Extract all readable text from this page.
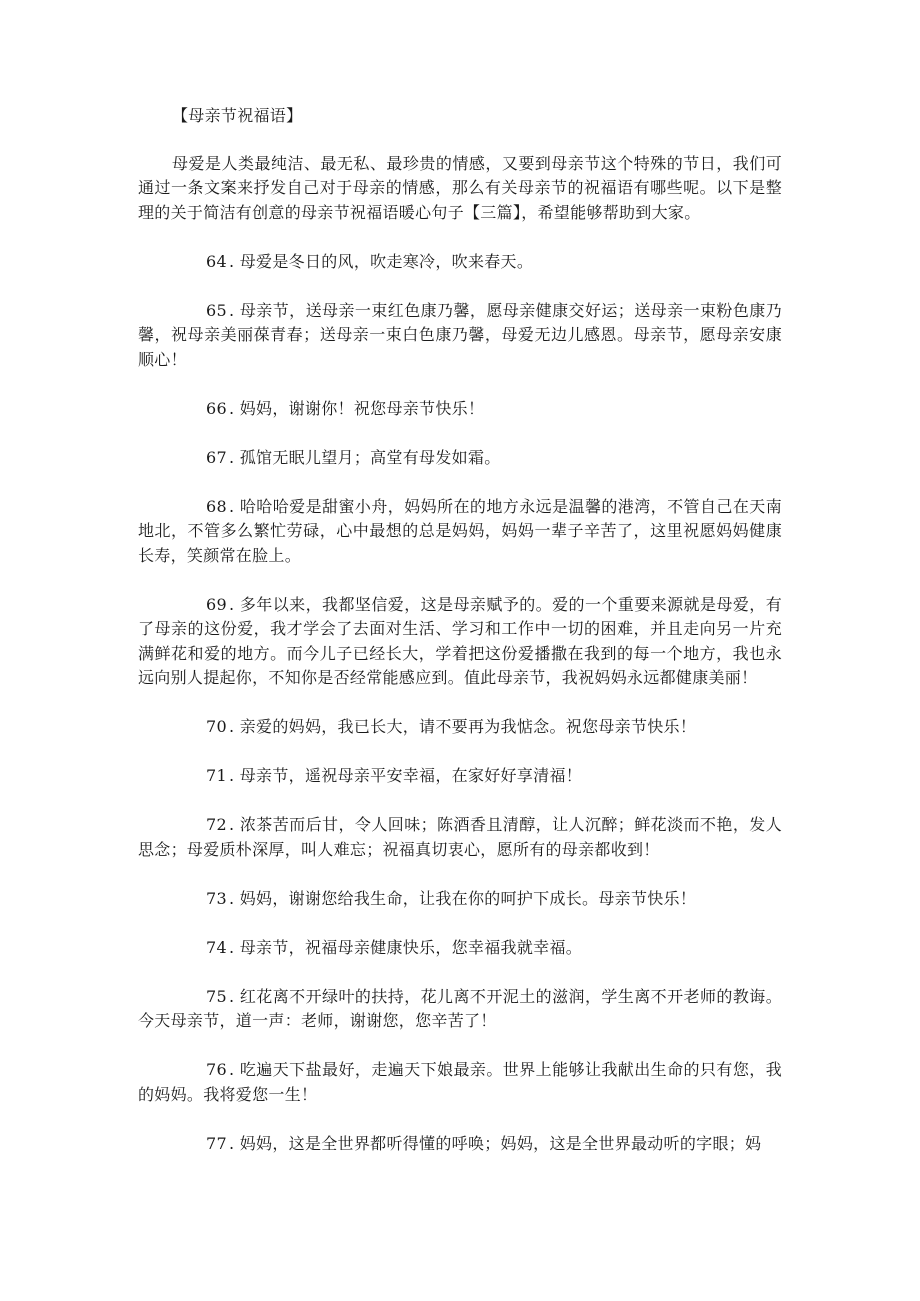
【母亲节祝福语】

母爱是人类最纯洁、最无私、最珍贵的情感，又要到母亲节这个特殊的节日，我们可通过一条文案来抒发自己对于母亲的情感，那么有关母亲节的祝福语有哪些呢。以下是整理的关于简洁有创意的母亲节祝福语暖心句子【三篇】，希望能够帮助到大家。

64 . 母爱是冬日的风，吹走寒冷，吹来春天。

65 . 母亲节，送母亲一束红色康乃馨，愿母亲健康交好运；送母亲一束粉色康乃馨，祝母亲美丽葆青春；送母亲一束白色康乃馨，母爱无边儿感恩。母亲节，愿母亲安康顺心！

66 . 妈妈，谢谢你！祝您母亲节快乐！

67 . 孤馆无眠儿望月；高堂有母发如霜。

68 . 哈哈哈爱是甜蜜小舟，妈妈所在的地方永远是温馨的港湾，不管自己在天南地北，不管多么繁忙劳碌，心中最想的总是妈妈，妈妈一辈子辛苦了，这里祝愿妈妈健康长寿，笑颜常在脸上。

69 . 多年以来，我都坚信爱，这是母亲赋予的。爱的一个重要来源就是母爱，有了母亲的这份爱，我才学会了去面对生活、学习和工作中一切的困难，并且走向另一片充满鲜花和爱的地方。而今儿子已经长大，学着把这份爱播撒在我到的每一个地方，我也永远向别人提起你，不知你是否经常能感应到。值此母亲节，我祝妈妈永远都健康美丽！

70 . 亲爱的妈妈，我已长大，请不要再为我惦念。祝您母亲节快乐！

71 . 母亲节，遥祝母亲平安幸福，在家好好享清福！

72 . 浓茶苦而后甘，令人回味；陈酒香且清醇，让人沉醉；鲜花淡而不艳，发人思念；母爱质朴深厚，叫人难忘；祝福真切衷心，愿所有的母亲都收到！

73 . 妈妈，谢谢您给我生命，让我在你的呵护下成长。母亲节快乐！

74 . 母亲节，祝福母亲健康快乐，您幸福我就幸福。

75 . 红花离不开绿叶的扶持，花儿离不开泥土的滋润，学生离不开老师的教诲。今天母亲节，道一声：老师，谢谢您，您辛苦了！

76 . 吃遍天下盐最好，走遍天下娘最亲。世界上能够让我献出生命的只有您，我的妈妈。我将爱您一生！

77 . 妈妈，这是全世界都听得懂的呼唤；妈妈，这是全世界最动听的字眼；妈
